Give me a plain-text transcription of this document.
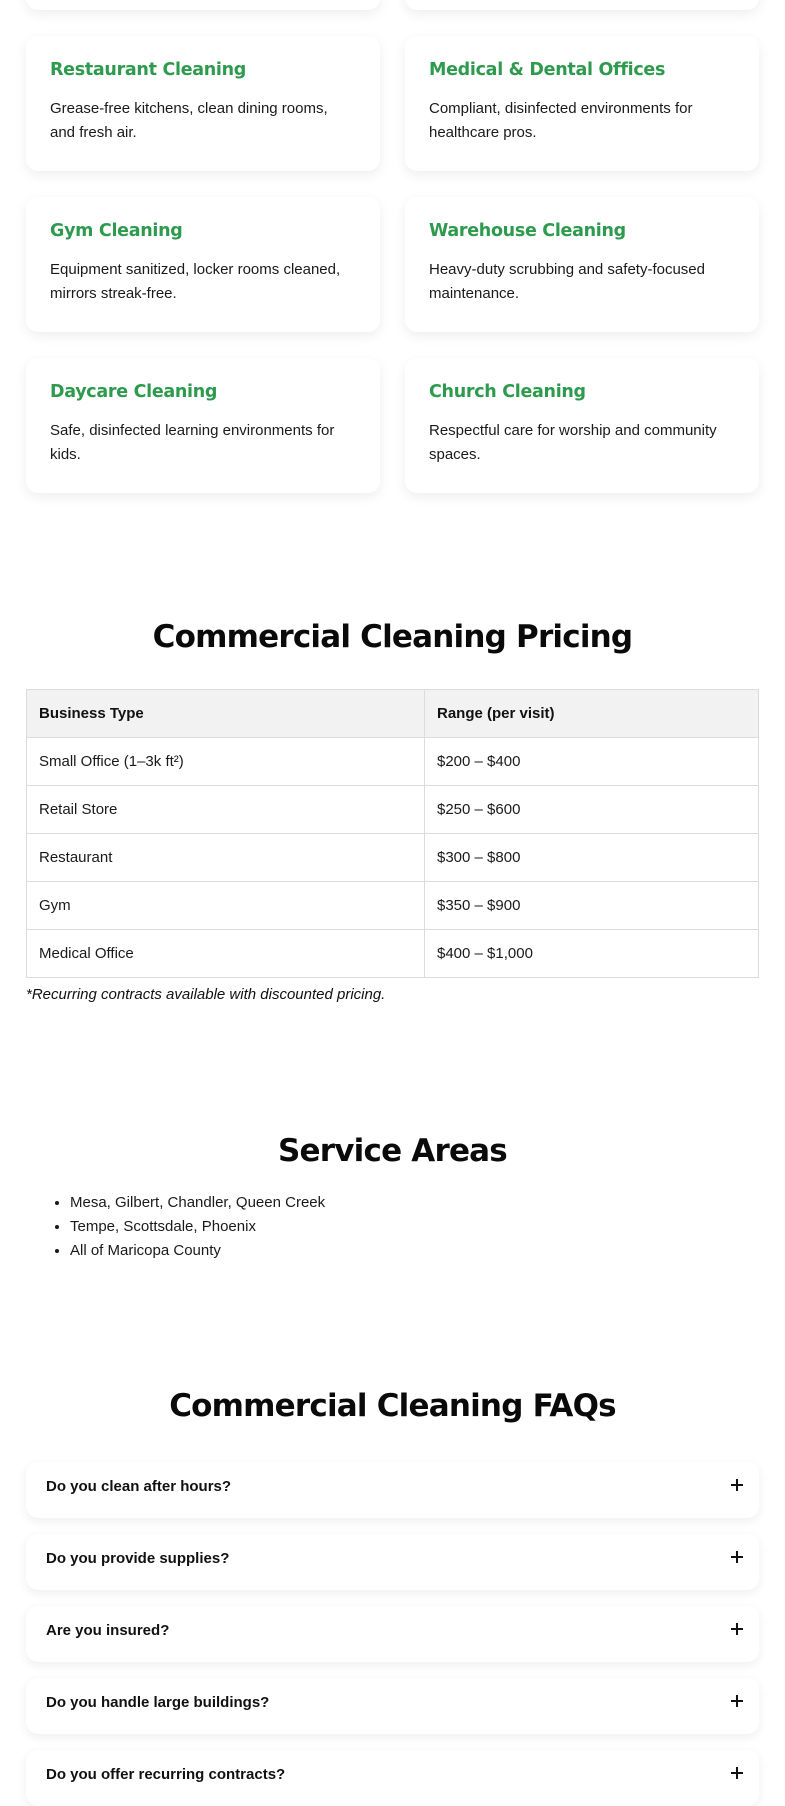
Restaurant Cleaning

Grease-free kitchens, clean dining rooms, and fresh air.

Medical & Dental Offices

Compliant, disinfected environments for healthcare pros.

Gym Cleaning

Equipment sanitized, locker rooms cleaned, mirrors streak-free.

Warehouse Cleaning

Heavy-duty scrubbing and safety-focused maintenance.

Daycare Cleaning

Safe, disinfected learning environments for kids.

Church Cleaning

Respectful care for worship and community spaces.

Commercial Cleaning Pricing
Business Type	Range (per visit)
Small Office (1–3k ft²)	$200 – $400
Retail Store	$250 – $600
Restaurant	$300 – $800
Gym	$350 – $900
Medical Office	$400 – $1,000

*Recurring contracts available with discounted pricing.

Service Areas
• Mesa, Gilbert, Chandler, Queen Creek
• Tempe, Scottsdale, Phoenix
• All of Maricopa County
Commercial Cleaning FAQs
Do you clean after hours?
Do you provide supplies?
Are you insured?
Do you handle large buildings?
Do you offer recurring contracts?
